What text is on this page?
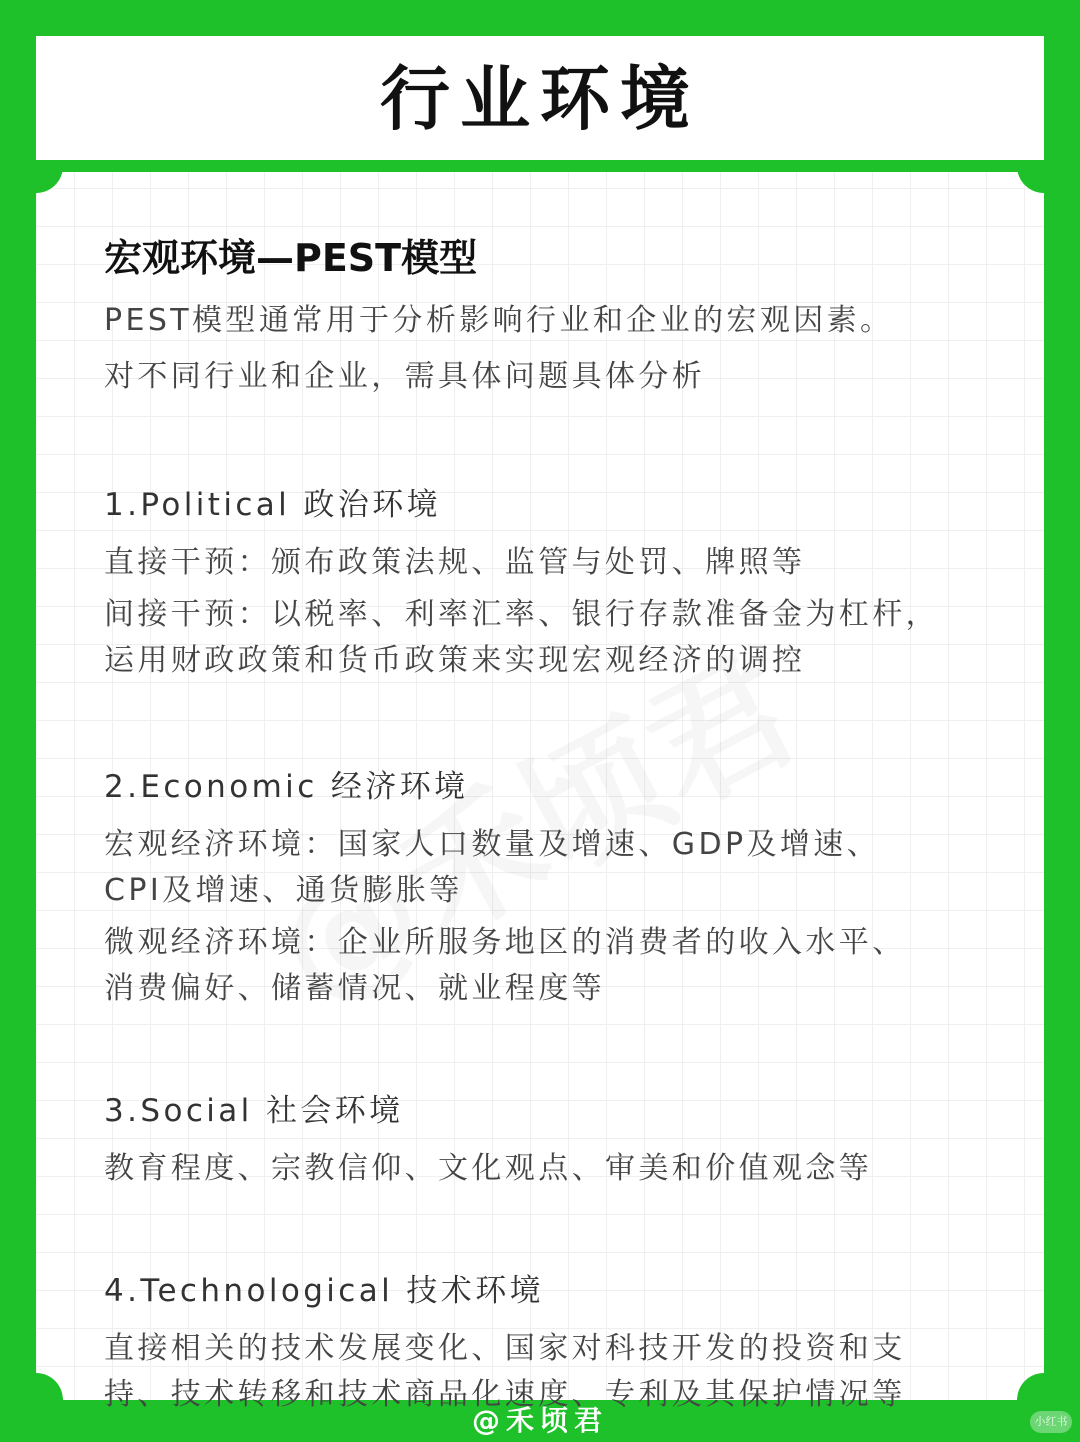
行业环境
宏观环境—PEST模型

PEST模型通常用于分析影响行业和企业的宏观因素。

对不同行业和企业，需具体问题具体分析

1.Political 政治环境

直接干预：颁布政策法规、监管与处罚、牌照等

间接干预：以税率、利率汇率、银行存款准备金为杠杆，
运用财政政策和货币政策来实现宏观经济的调控

2.Economic 经济环境

宏观经济环境：国家人口数量及增速、GDP及增速、
CPI及增速、通货膨胀等

微观经济环境：企业所服务地区的消费者的收入水平、
消费偏好、储蓄情况、就业程度等

3.Social 社会环境

教育程度、宗教信仰、文化观点、审美和价值观念等

4.Technological 技术环境

直接相关的技术发展变化、国家对科技开发的投资和支
持、技术转移和技术商品化速度、专利及其保护情况等

@禾顷君	小红书
